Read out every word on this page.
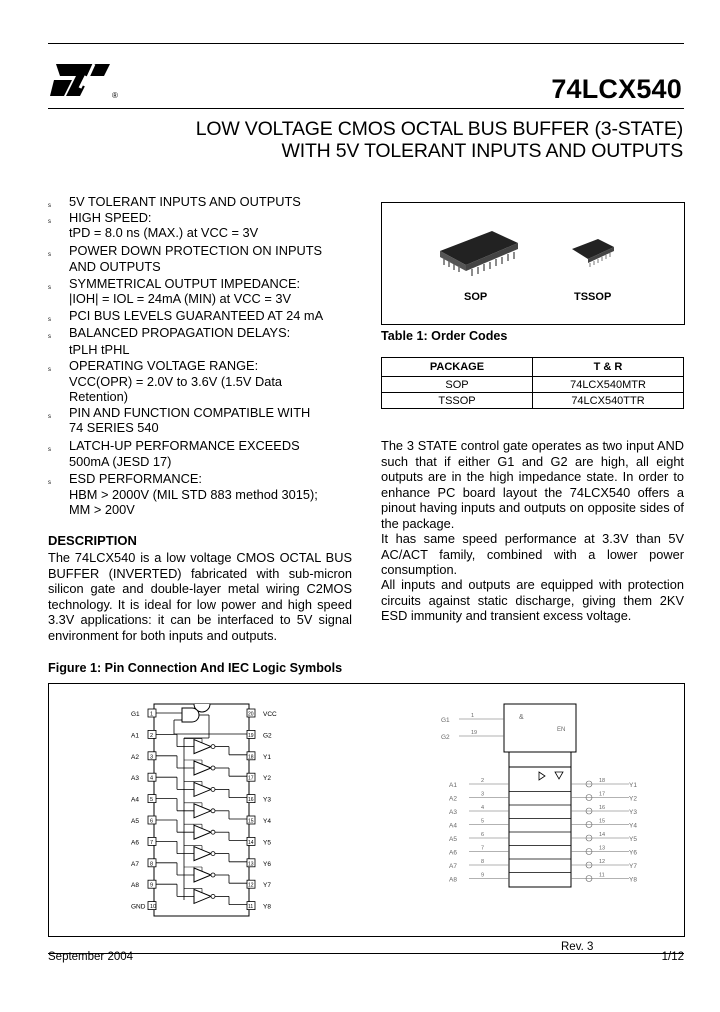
®	74LCX540
LOW VOLTAGE CMOS OCTAL BUS BUFFER (3-STATE)
WITH 5V TOLERANT INPUTS AND OUTPUTS
s 5V TOLERANT INPUTS AND OUTPUTS
s HIGH SPEED:
tPD = 8.0 ns (MAX.) at VCC = 3V
s POWER DOWN PROTECTION ON INPUTS
AND OUTPUTS
s SYMMETRICAL OUTPUT IMPEDANCE:
|IOH| = IOL = 24mA (MIN) at VCC = 3V
s PCI BUS LEVELS GUARANTEED AT 24 mA
s BALANCED PROPAGATION DELAYS:
tPLH tPHL
s OPERATING VOLTAGE RANGE:
VCC(OPR) = 2.0V to 3.6V (1.5V Data
Retention)
s PIN AND FUNCTION COMPATIBLE WITH
74 SERIES 540
s LATCH-UP PERFORMANCE EXCEEDS
500mA (JESD 17)
s ESD PERFORMANCE:
HBM > 2000V (MIL STD 883 method 3015);
MM > 200V
DESCRIPTION
The 74LCX540 is a low voltage CMOS OCTAL BUS BUFFER (INVERTED) fabricated with sub-micron silicon gate and double-layer metal wiring C2MOS technology. It is ideal for low power and high speed 3.3V applications: it can be interfaced to 5V signal environment for both inputs and outputs.
SOP	TSSOP
Table 1: Order Codes
PACKAGE	T & R
SOP	74LCX540MTR
TSSOP	74LCX540TTR
The 3 STATE control gate operates as two input AND such that if either G1 and G2 are high, all eight outputs are in the high impedance state. In order to enhance PC board layout the 74LCX540 offers a pinout having inputs and outputs on opposite sides of the package.
It has same speed performance at 3.3V than 5V AC/ACT family, combined with a lower power consumption.
All inputs and outputs are equipped with protection circuits against static discharge, giving them 2KV ESD immunity and transient excess voltage.
Figure 1: Pin Connection And IEC Logic Symbols
G1 1	VCC
20
A1 2	G2
19
A2 3	Y1
18
A3 4	Y2
17
A4 5	Y3
16
A5 6	Y4
15
A6 7	Y5
14
A7 8	Y6
13
A8 9	Y7
12
GND 10	Y8
11
&
EN
A1	Y1
2	18
A2	Y2
3	17
A3	Y3
4	16
A4	Y4
5	15
A5	Y5
6	14
A6	Y6
7	13
A7	Y7
8	12
A8	Y8
9	11
G1
G2
1
19
Rev. 3
September 2004	1/12
